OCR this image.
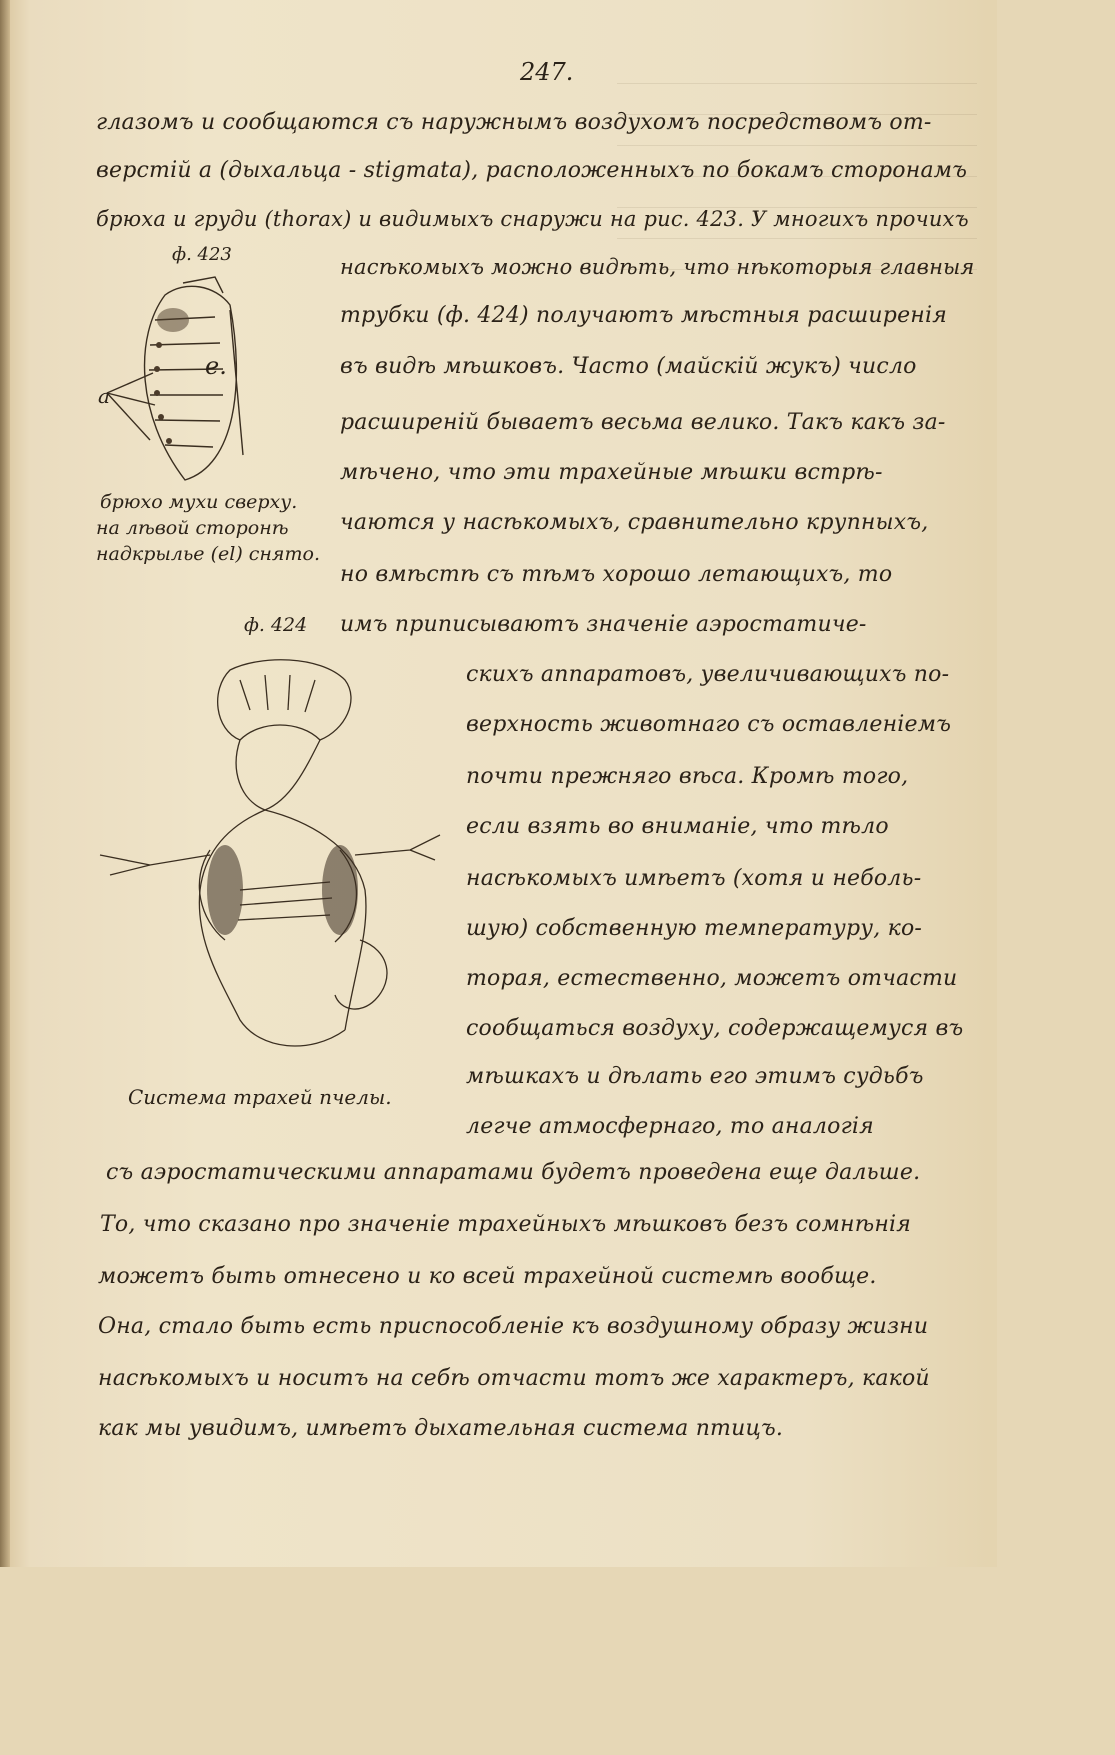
247.
глазомъ и сообщаются съ наружнымъ воздухомъ посредствомъ от-
верстій a (дыхальца - stigmata), расположенныхъ по бокамъ сторонамъ
брюха и груди (thorax) и видимыхъ снаружи на рис. 423. У многихъ прочихъ
ф. 423
a
e.
брюхо мухи сверху.
на лѣвой сторонѣ
надкрылье (el) снято.
насѣкомыхъ можно видѣть, что нѣкоторыя главныя
трубки (ф. 424) получаютъ мѣстныя расширенія
въ видѣ мѣшковъ. Часто (майскій жукъ) число
расширеній бываетъ весьма велико. Такъ какъ за-
мѣчено, что эти трахейные мѣшки встрѣ-
чаются у насѣкомыхъ, сравнительно крупныхъ,
но вмѣстѣ съ тѣмъ хорошо летающихъ, то
имъ приписываютъ значеніе аэростатиче-
ф. 424
Система трахей пчелы.
скихъ аппаратовъ, увеличивающихъ по-
верхность животнаго съ оставленіемъ
почти прежняго вѣса. Кромѣ того,
если взять во вниманіе, что тѣло
насѣкомыхъ имѣетъ (хотя и неболь-
шую) собственную температуру, ко-
торая, естественно, можетъ отчасти
сообщаться воздуху, содержащемуся въ
мѣшкахъ и дѣлать его этимъ судьбъ
легче атмосфернаго, то аналогія
съ аэростатическими аппаратами будетъ проведена еще дальше.
То, что сказано про значеніе трахейныхъ мѣшковъ безъ сомнѣнія
можетъ быть отнесено и ко всей трахейной системѣ вообще.
Она, стало быть есть приспособленіе къ воздушному образу жизни
насѣкомыхъ и носитъ на себѣ отчасти тотъ же характеръ, какой
как мы увидимъ, имѣетъ дыхательная система птицъ.
